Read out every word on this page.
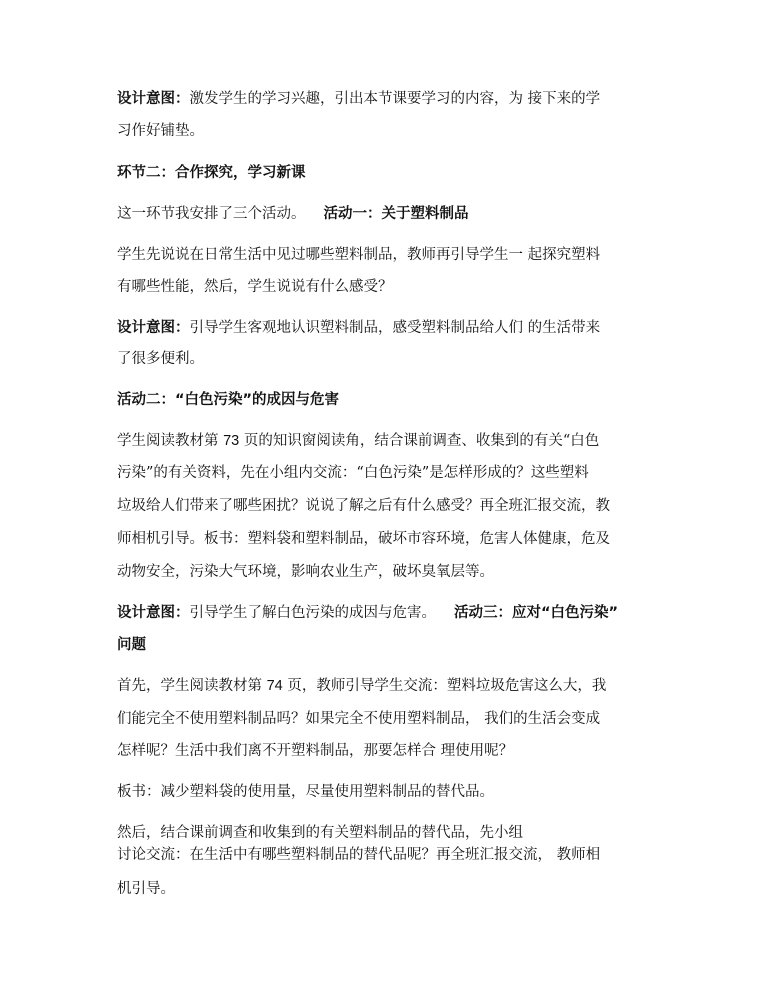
设计意图：激发学生的学习兴趣，引出本节课要学习的内容，为 接下来的学
习作好铺垫。
环节二：合作探究，学习新课
这一环节我安排了三个活动。 活动一：关于塑料制品
学生先说说在日常生活中见过哪些塑料制品，教师再引导学生一 起探究塑料
有哪些性能，然后，学生说说有什么感受？
设计意图：引导学生客观地认识塑料制品，感受塑料制品给人们 的生活带来
了很多便利。
活动二：“白色污染”的成因与危害
学生阅读教材第 73 页的知识窗阅读角，结合课前调查、收集到的有关“白色
污染”的有关资料，先在小组内交流：“白色污染”是怎样形成的？这些塑料
垃圾给人们带来了哪些困扰？说说了解之后有什么感受？再全班汇报交流，教
师相机引导。板书：塑料袋和塑料制品，破坏市容环境，危害人体健康，危及
动物安全，污染大气环境，影响农业生产，破坏臭氧层等。
设计意图：引导学生了解白色污染的成因与危害。 活动三：应对“白色污染”
问题
首先，学生阅读教材第 74 页，教师引导学生交流：塑料垃圾危害这么大，我
们能完全不使用塑料制品吗？如果完全不使用塑料制品， 我们的生活会变成
怎样呢？生活中我们离不开塑料制品，那要怎样合 理使用呢？
板书：减少塑料袋的使用量，尽量使用塑料制品的替代品。
然后，结合课前调查和收集到的有关塑料制品的替代品，先小组
讨论交流：在生活中有哪些塑料制品的替代品呢？再全班汇报交流， 教师相
机引导。
